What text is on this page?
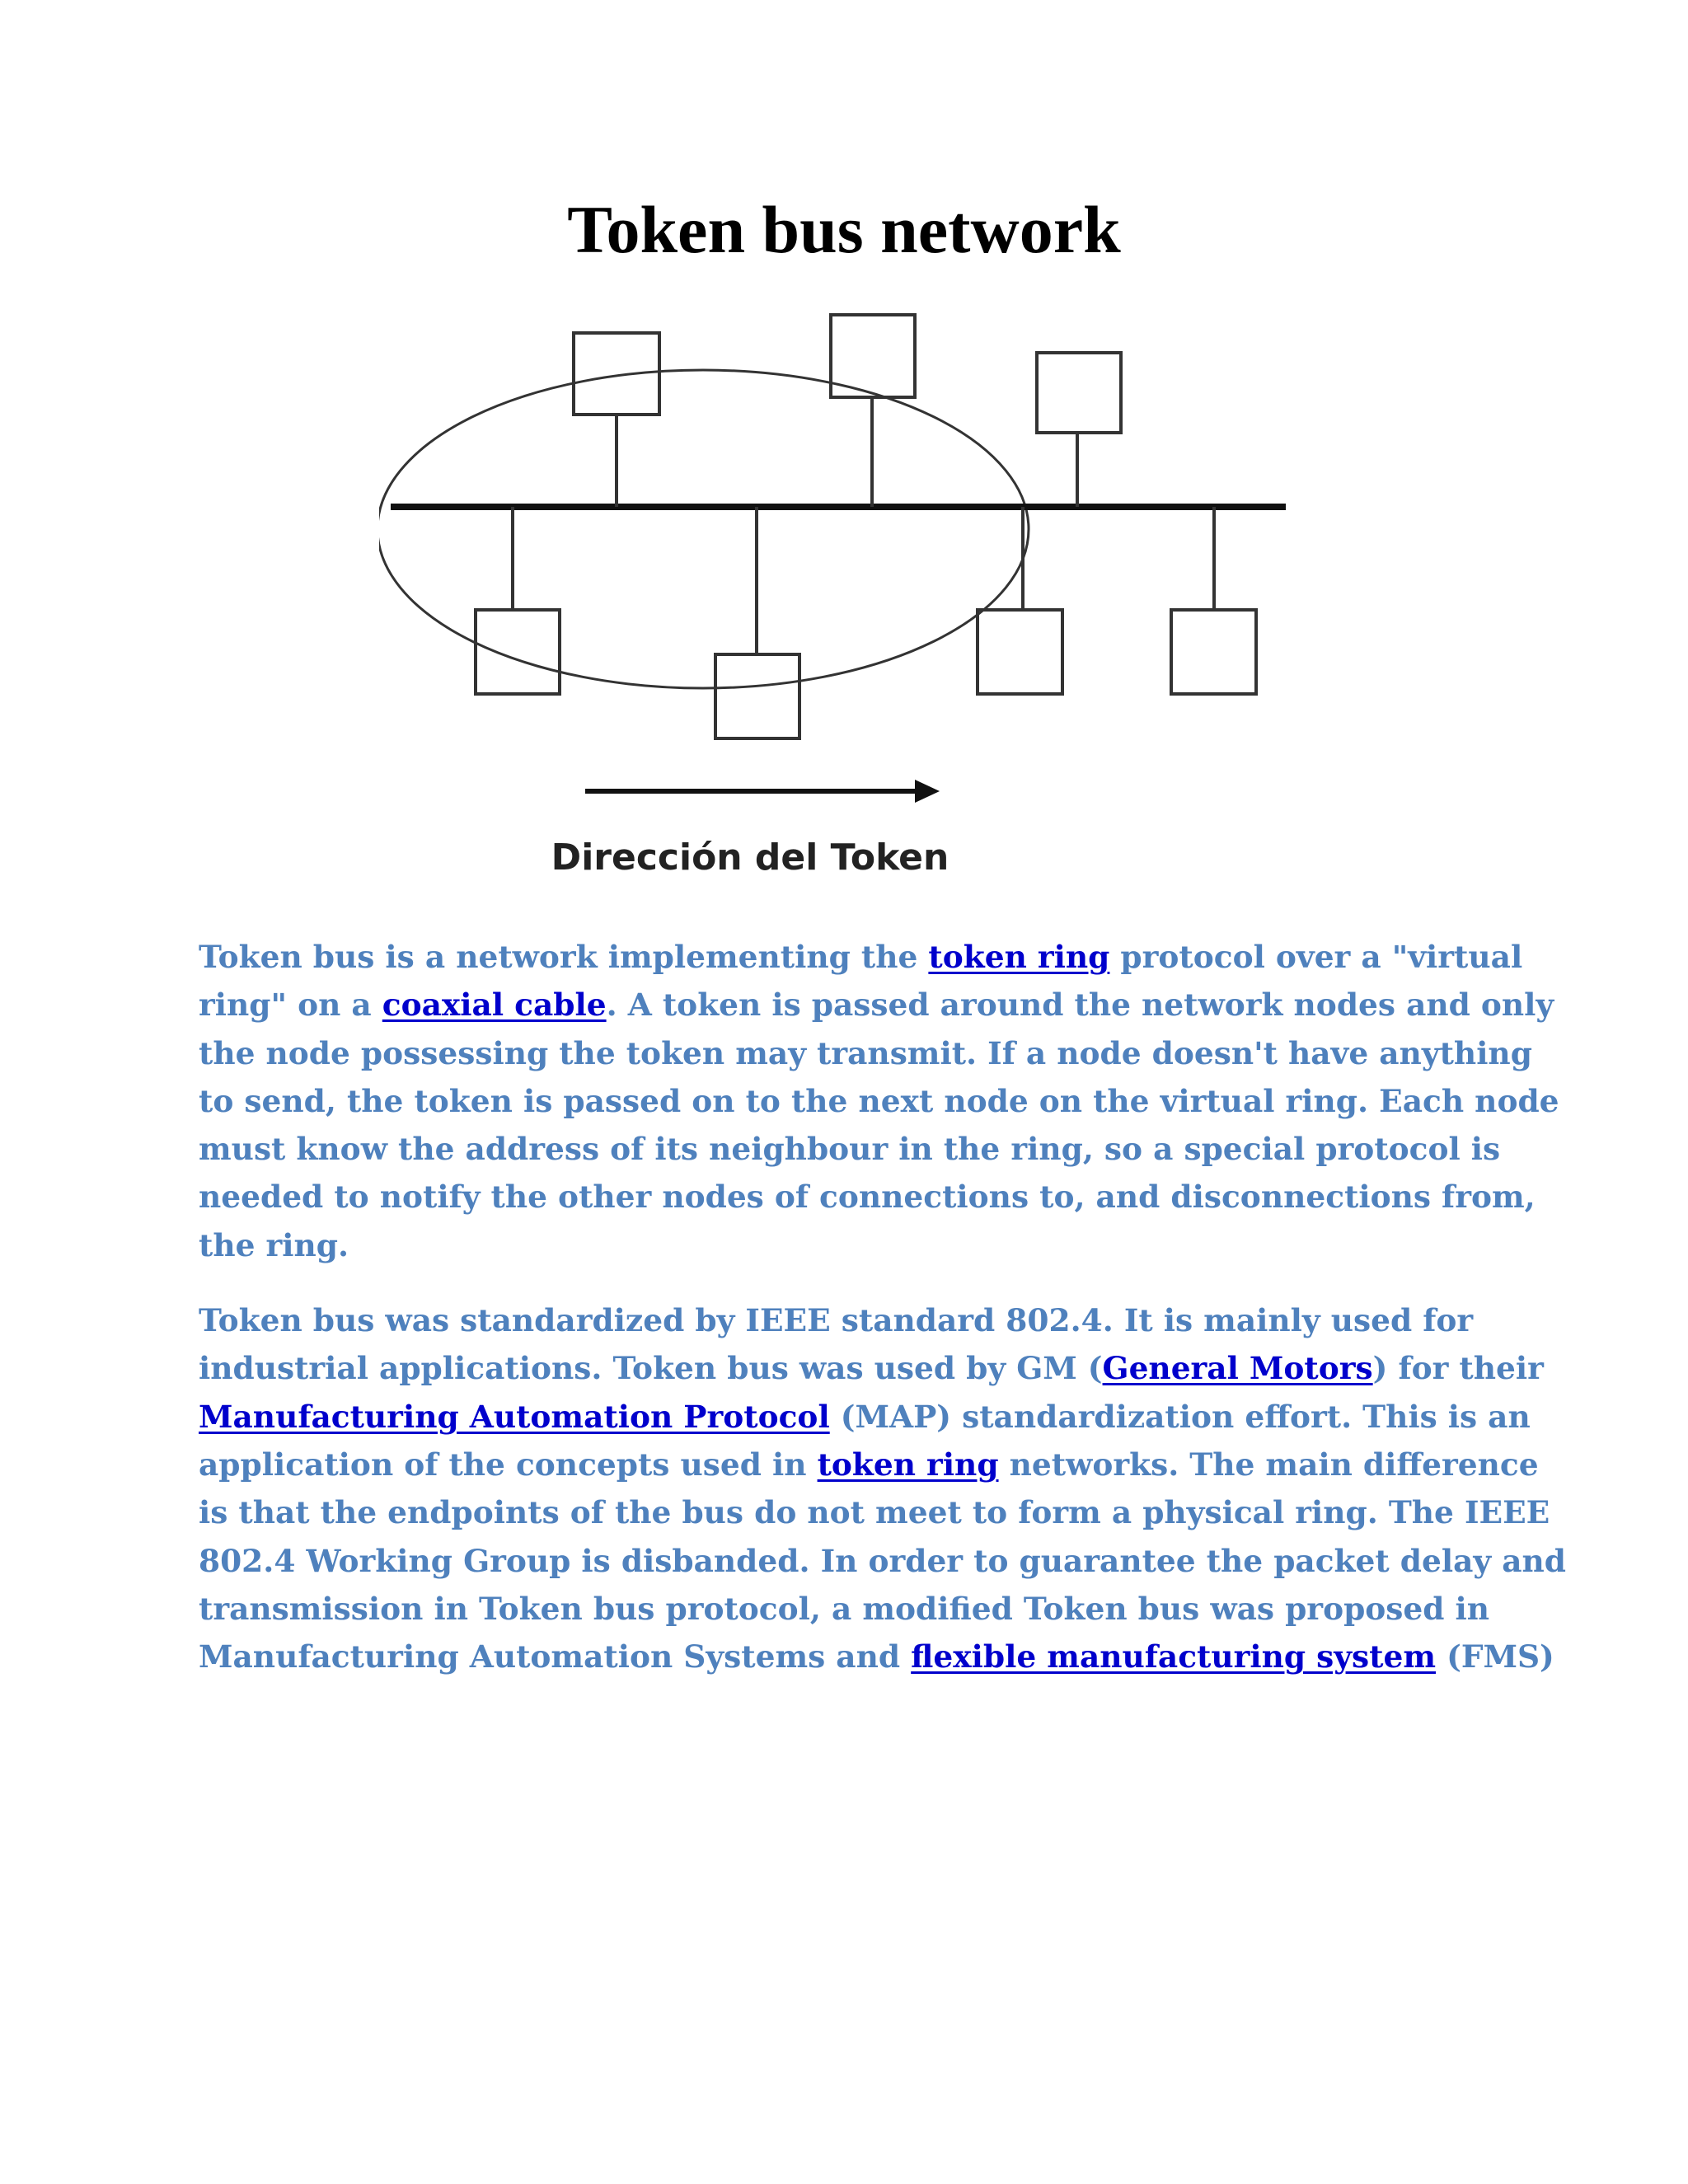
Token bus network
Dirección del Token

Token bus is a network implementing the token ring protocol over a "virtual
ring" on a coaxial cable. A token is passed around the network nodes and only
the node possessing the token may transmit. If a node doesn't have anything
to send, the token is passed on to the next node on the virtual ring. Each node
must know the address of its neighbour in the ring, so a special protocol is
needed to notify the other nodes of connections to, and disconnections from,
the ring.

Token bus was standardized by IEEE standard 802.4. It is mainly used for
industrial applications. Token bus was used by GM (General Motors) for their
Manufacturing Automation Protocol (MAP) standardization effort. This is an
application of the concepts used in token ring networks. The main difference
is that the endpoints of the bus do not meet to form a physical ring. The IEEE
802.4 Working Group is disbanded. In order to guarantee the packet delay and
transmission in Token bus protocol, a modified Token bus was proposed in
Manufacturing Automation Systems and flexible manufacturing system (FMS)
